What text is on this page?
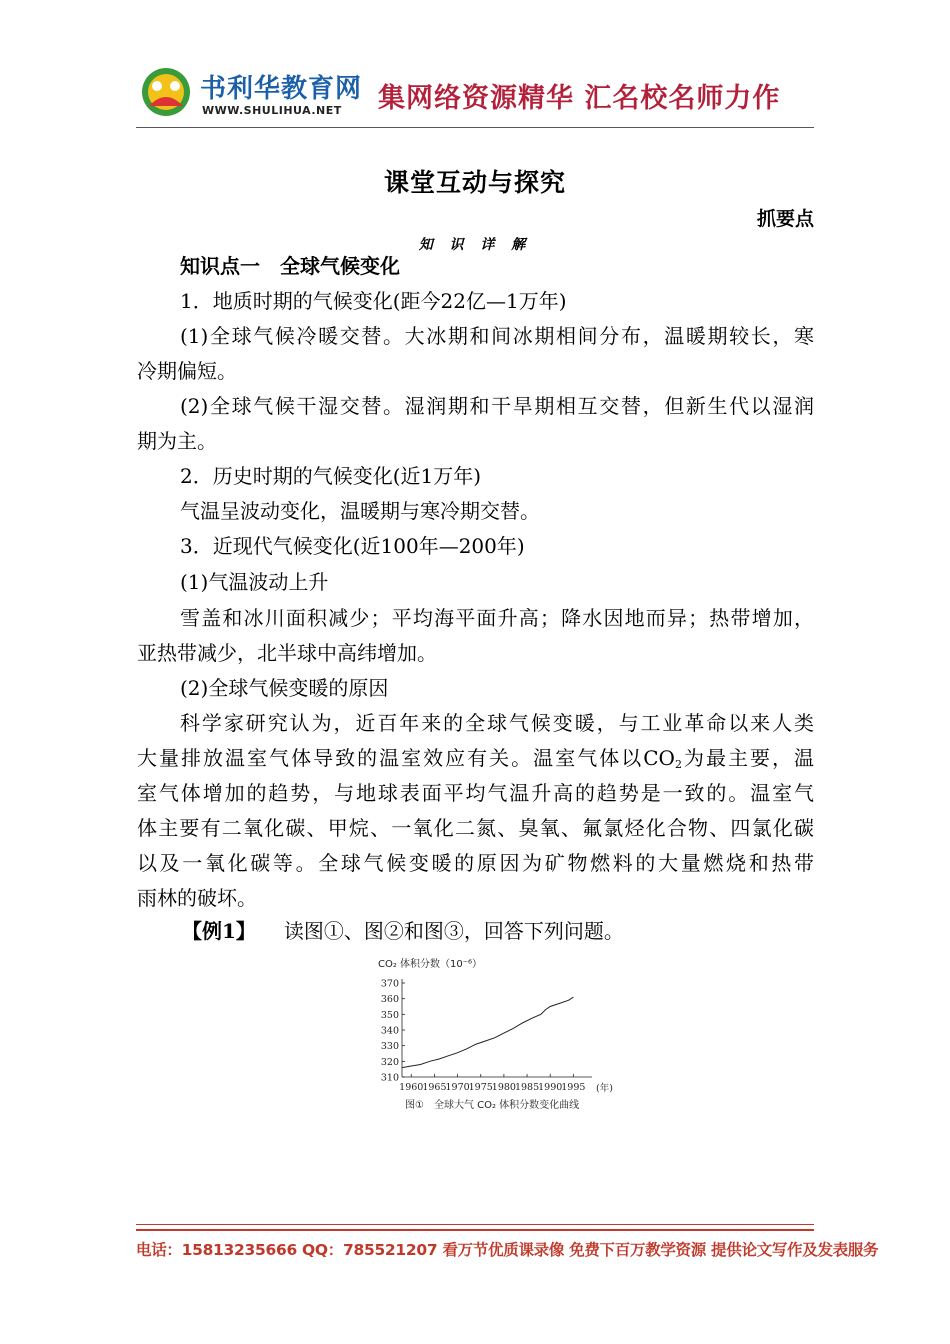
书利华教育网
WWW.SHULIHUA.NET 集网络资源精华 汇名校名师力作
课堂互动与探究
抓要点
知 识 详 解
知识点一　全球气候变化
1．地质时期的气候变化(距今22亿—1万年)
(1)全球气候冷暖交替。大冰期和间冰期相间分布，温暖期较长，寒
冷期偏短。
(2)全球气候干湿交替。湿润期和干旱期相互交替，但新生代以湿润
期为主。
2．历史时期的气候变化(近1万年)
气温呈波动变化，温暖期与寒冷期交替。
3．近现代气候变化(近100年—200年)
(1)气温波动上升
雪盖和冰川面积减少；平均海平面升高；降水因地而异；热带增加，
亚热带减少，北半球中高纬增加。
(2)全球气候变暖的原因
科学家研究认为，近百年来的全球气候变暖，与工业革命以来人类
大量排放温室气体导致的温室效应有关。温室气体以$CO_2$为最主要，温
室气体增加的趋势，与地球表面平均气温升高的趋势是一致的。温室气
体主要有二氧化碳、甲烷、一氧化二氮、臭氧、氟氯烃化合物、四氯化碳
以及一氧化碳等。全球气候变暖的原因为矿物燃料的大量燃烧和热带
雨林的破坏。
【例1】 读图①、图②和图③，回答下列问题。
CO₂ 体积分数（10⁻⁶）
310
320
330
340
350
360
370
1960
1965
1970
1975
1980
1985
1990
1995 (年)
图①　全球大气 CO₂ 体积分数变化曲线
电话：15813235666 QQ：785521207 看万节优质课录像 免费下百万教学资源 提供论文写作及发表服务
